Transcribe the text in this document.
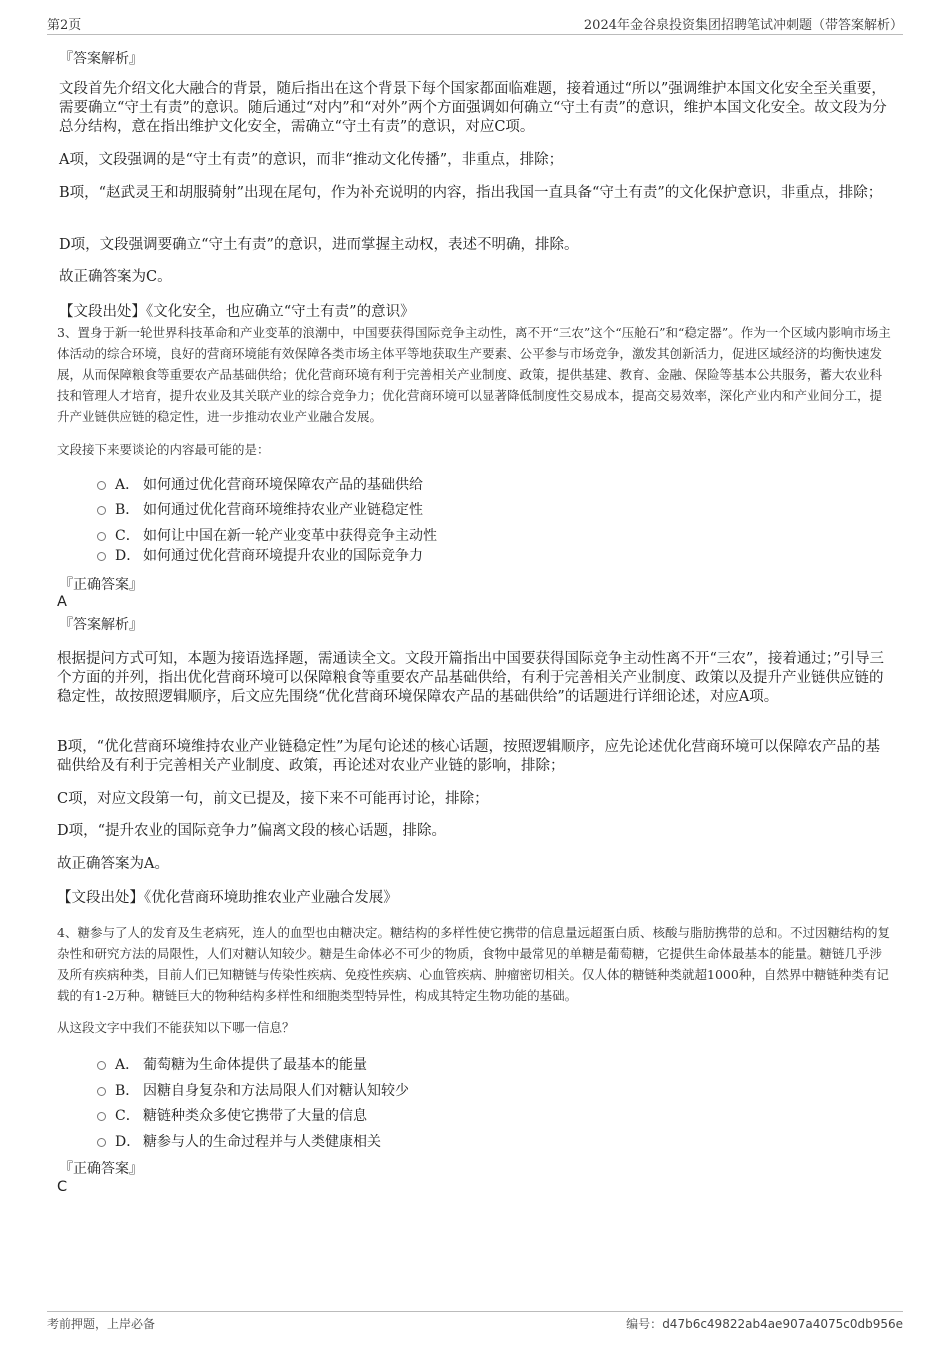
第2页	2024年金谷泉投资集团招聘笔试冲刺题（带答案解析）
『答案解析』
文段首先介绍文化大融合的背景，随后指出在这个背景下每个国家都面临难题，接着通过“所以”强调维护本国文化安全至关重要，需要确立“守土有责”的意识。随后通过“对内”和“对外”两个方面强调如何确立“守土有责”的意识，维护本国文化安全。故文段为分总分结构，意在指出维护文化安全，需确立“守土有责”的意识，对应C项。
A项，文段强调的是“守土有责”的意识，而非“推动文化传播”，非重点，排除；
B项，“赵武灵王和胡服骑射”出现在尾句，作为补充说明的内容，指出我国一直具备“守土有责”的文化保护意识，非重点，排除；
D项，文段强调要确立“守土有责”的意识，进而掌握主动权，表述不明确，排除。
故正确答案为C。
【文段出处】《文化安全，也应确立“守土有责”的意识》
3、置身于新一轮世界科技革命和产业变革的浪潮中，中国要获得国际竞争主动性，离不开“三农”这个“压舱石”和“稳定器”。作为一个区域内影响市场主体活动的综合环境，良好的营商环境能有效保障各类市场主体平等地获取生产要素、公平参与市场竞争，激发其创新活力，促进区域经济的均衡快速发展，从而保障粮食等重要农产品基础供给；优化营商环境有利于完善相关产业制度、政策，提供基建、教育、金融、保险等基本公共服务，蓄大农业科技和管理人才培育，提升农业及其关联产业的综合竞争力；优化营商环境可以显著降低制度性交易成本，提高交易效率，深化产业内和产业间分工，提升产业链供应链的稳定性，进一步推动农业产业融合发展。
文段接下来要谈论的内容最可能的是：
A． 如何通过优化营商环境保障农产品的基础供给
B． 如何通过优化营商环境维持农业产业链稳定性
C． 如何让中国在新一轮产业变革中获得竞争主动性
D． 如何通过优化营商环境提升农业的国际竞争力
『正确答案』
A
『答案解析』
根据提问方式可知，本题为接语选择题，需通读全文。文段开篇指出中国要获得国际竞争主动性离不开“三农”，接着通过；”引导三个方面的并列，指出优化营商环境可以保障粮食等重要农产品基础供给，有利于完善相关产业制度、政策以及提升产业链供应链的稳定性，故按照逻辑顺序，后文应先围绕“优化营商环境保障农产品的基础供给”的话题进行详细论述，对应A项。
B项，“优化营商环境维持农业产业链稳定性”为尾句论述的核心话题，按照逻辑顺序，应先论述优化营商环境可以保障农产品的基础供给及有利于完善相关产业制度、政策，再论述对农业产业链的影响，排除；
C项，对应文段第一句，前文已提及，接下来不可能再讨论，排除；
D项，“提升农业的国际竞争力”偏离文段的核心话题，排除。
故正确答案为A。
【文段出处】《优化营商环境助推农业产业融合发展》
4、糖参与了人的发育及生老病死，连人的血型也由糖决定。糖结构的多样性使它携带的信息量远超蛋白质、核酸与脂肪携带的总和。不过因糖结构的复杂性和研究方法的局限性，人们对糖认知较少。糖是生命体必不可少的物质，食物中最常见的单糖是葡萄糖，它提供生命体最基本的能量。糖链几乎涉及所有疾病种类，目前人们已知糖链与传染性疾病、免疫性疾病、心血管疾病、肿瘤密切相关。仅人体的糖链种类就超1000种，自然界中糖链种类有记载的有1-2万种。糖链巨大的物种结构多样性和细胞类型特异性，构成其特定生物功能的基础。
从这段文字中我们不能获知以下哪一信息？
A． 葡萄糖为生命体提供了最基本的能量
B． 因糖自身复杂和方法局限人们对糖认知较少
C． 糖链种类众多使它携带了大量的信息
D． 糖参与人的生命过程并与人类健康相关
『正确答案』
C
考前押题，上岸必备	编号：d47b6c49822ab4ae907a4075c0db956e
